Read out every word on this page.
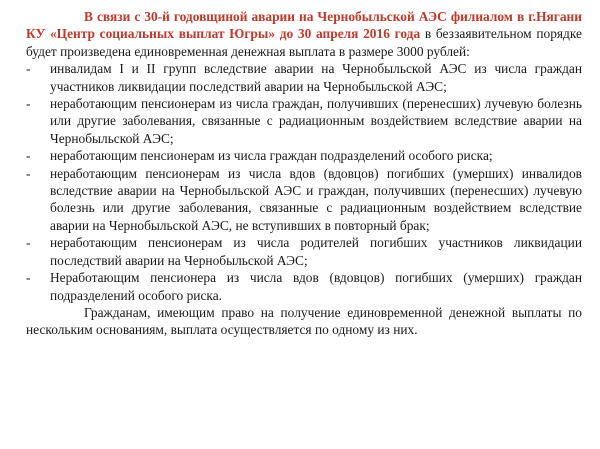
В связи с 30-й годовщиной аварии на Чернобыльской АЭС филиалом в г.Нягани КУ «Центр социальных выплат Югры» до 30 апреля 2016 года в беззаявительном порядке будет произведена единовременная денежная выплата в размере 3000 рублей:

- инвалидам I и II групп вследствие аварии на Чернобыльской АЭС из числа граждан участников ликвидации последствий аварии на Чернобыльской АЭС;
- неработающим пенсионерам из числа граждан, получивших (перенесших) лучевую болезнь или другие заболевания, связанные с радиационным воздействием вследствие аварии на Чернобыльской АЭС;
- неработающим пенсионерам из числа граждан подразделений особого риска;
- неработающим пенсионерам из числа вдов (вдовцов) погибших (умерших) инвалидов вследствие аварии на Чернобыльской АЭС и граждан, получивших (перенесших) лучевую болезнь или другие заболевания, связанные с радиационным воздействием вследствие аварии на Чернобыльской АЭС, не вступивших в повторный брак;
- неработающим пенсионерам из числа родителей погибших участников ликвидации последствий аварии на Чернобыльской АЭС;
- Неработающим пенсионера из числа вдов (вдовцов) погибших (умерших) граждан подразделений особого риска.

Гражданам, имеющим право на получение единовременной денежной выплаты по нескольким основаниям, выплата осуществляется по одному из них.
